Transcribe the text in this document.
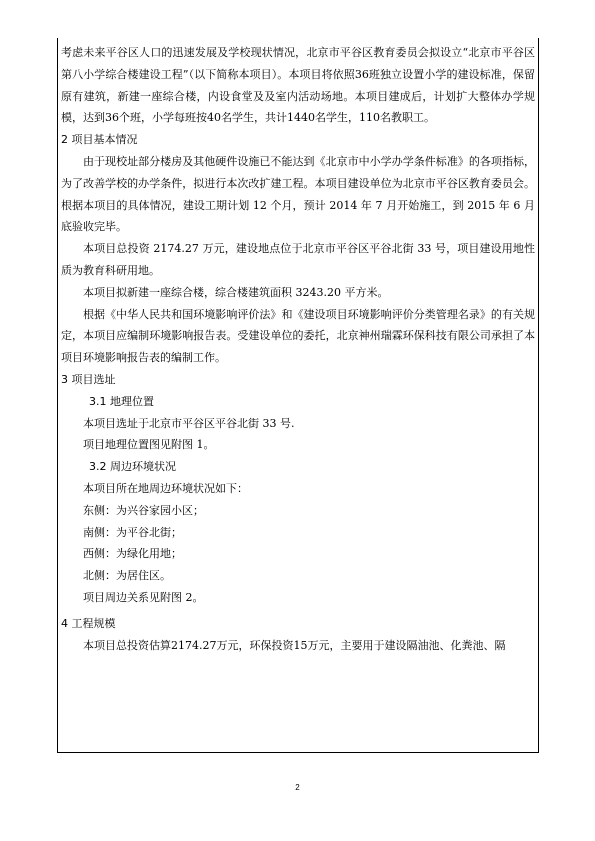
考虑未来平谷区人口的迅速发展及学校现状情况，北京市平谷区教育委员会拟设立“北京市平谷区第八小学综合楼建设工程”（以下简称本项目）。本项目将依照36班独立设置小学的建设标准，保留原有建筑，新建一座综合楼，内设食堂及及室内活动场地。本项目建成后，计划扩大整体办学规模，达到36个班，小学每班按40名学生，共计1440名学生，110名教职工。

2 项目基本情况

由于现校址部分楼房及其他硬件设施已不能达到《北京市中小学办学条件标准》的各项指标，为了改善学校的办学条件，拟进行本次改扩建工程。本项目建设单位为北京市平谷区教育委员会。根据本项目的具体情况，建设工期计划 12 个月，预计 2014 年 7 月开始施工，到 2015 年 6 月底验收完毕。

本项目总投资 2174.27 万元，建设地点位于北京市平谷区平谷北街 33 号，项目建设用地性质为教育科研用地。

本项目拟新建一座综合楼，综合楼建筑面积 3243.20 平方米。

根据《中华人民共和国环境影响评价法》和《建设项目环境影响评价分类管理名录》的有关规定，本项目应编制环境影响报告表。受建设单位的委托，北京神州瑞霖环保科技有限公司承担了本项目环境影响报告表的编制工作。

3 项目选址

3.1 地理位置

本项目选址于北京市平谷区平谷北街 33 号.

项目地理位置图见附图 1。

3.2 周边环境状况

本项目所在地周边环境状况如下：

东侧：为兴谷家园小区；

南侧：为平谷北街；

西侧：为绿化用地；

北侧：为居住区。

项目周边关系见附图 2。

4 工程规模

本项目总投资估算2174.27万元，环保投资15万元，主要用于建设隔油池、化粪池、隔

2
